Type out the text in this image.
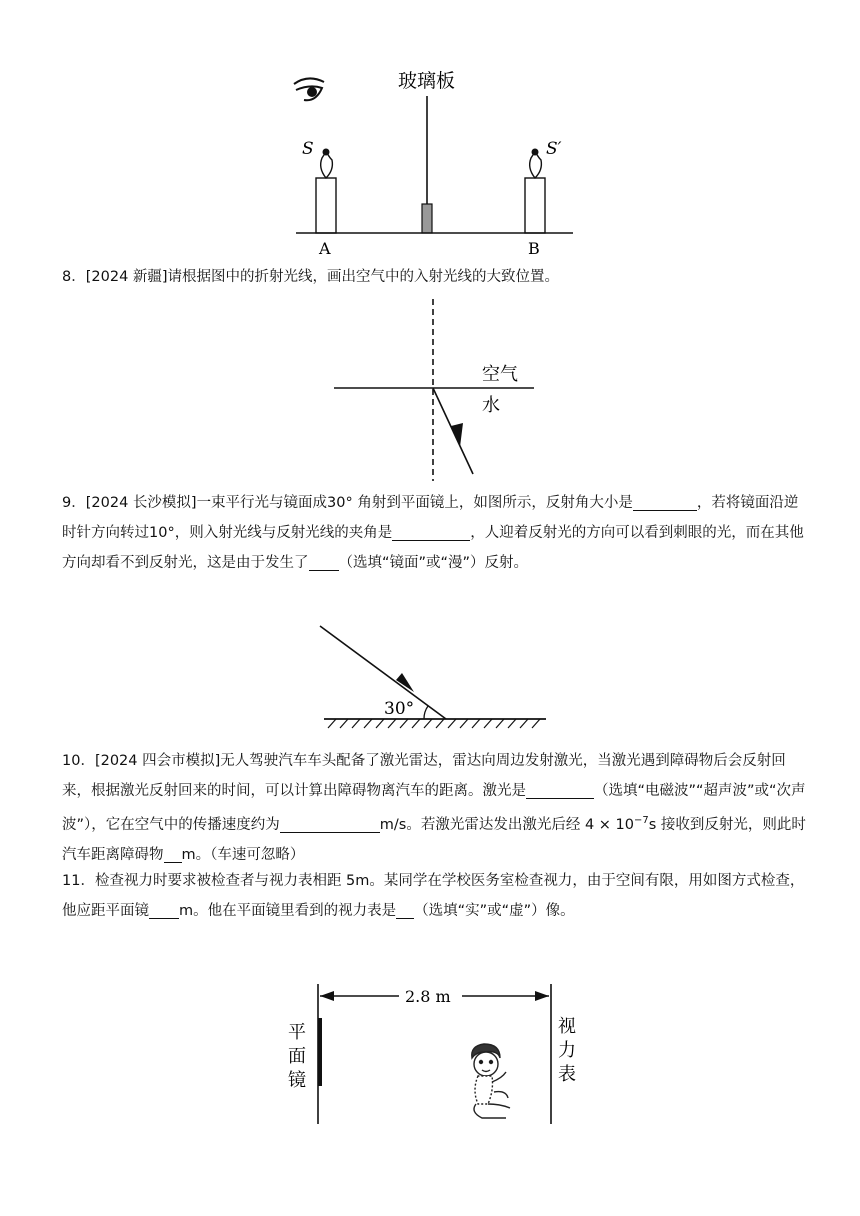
玻璃板
S	S′
A	B
8．[2024 新疆]请根据图中的折射光线，画出空气中的入射光线的大致位置。
空气
水
9．[2024 长沙模拟]一束平行光与镜面成30° 角射到平面镜上，如图所示，反射角大小是	，若将镜面沿逆时针方向转过10°，则入射光线与反射光线的夹角是	，人迎着反射光的方向可以看到刺眼的光，而在其他方向却看不到反射光，这是由于发生了 （选填“镜面”或“漫”）反射。
30°
10．[2024 四会市模拟]无人驾驶汽车车头配备了激光雷达，雷达向周边发射激光，当激光遇到障碍物后会反射回来，根据激光反射回来的时间，可以计算出障碍物离汽车的距离。激光是	（选填“电磁波”“超声波”或“次声波”），它在空气中的传播速度约为	m/s。若激光雷达发出激光后经 $4 \times 10^{-7}s$ 接收到反射光，则此时汽车距离障碍物 m。（车速可忽略）
11．检查视力时要求被检查者与视力表相距 5m。某同学在学校医务室检查视力，由于空间有限，用如图方式检查，他应距平面镜 m。他在平面镜里看到的视力表是 （选填“实”或“虚”）像。
2.8 m
平 面 镜
视 力 表
